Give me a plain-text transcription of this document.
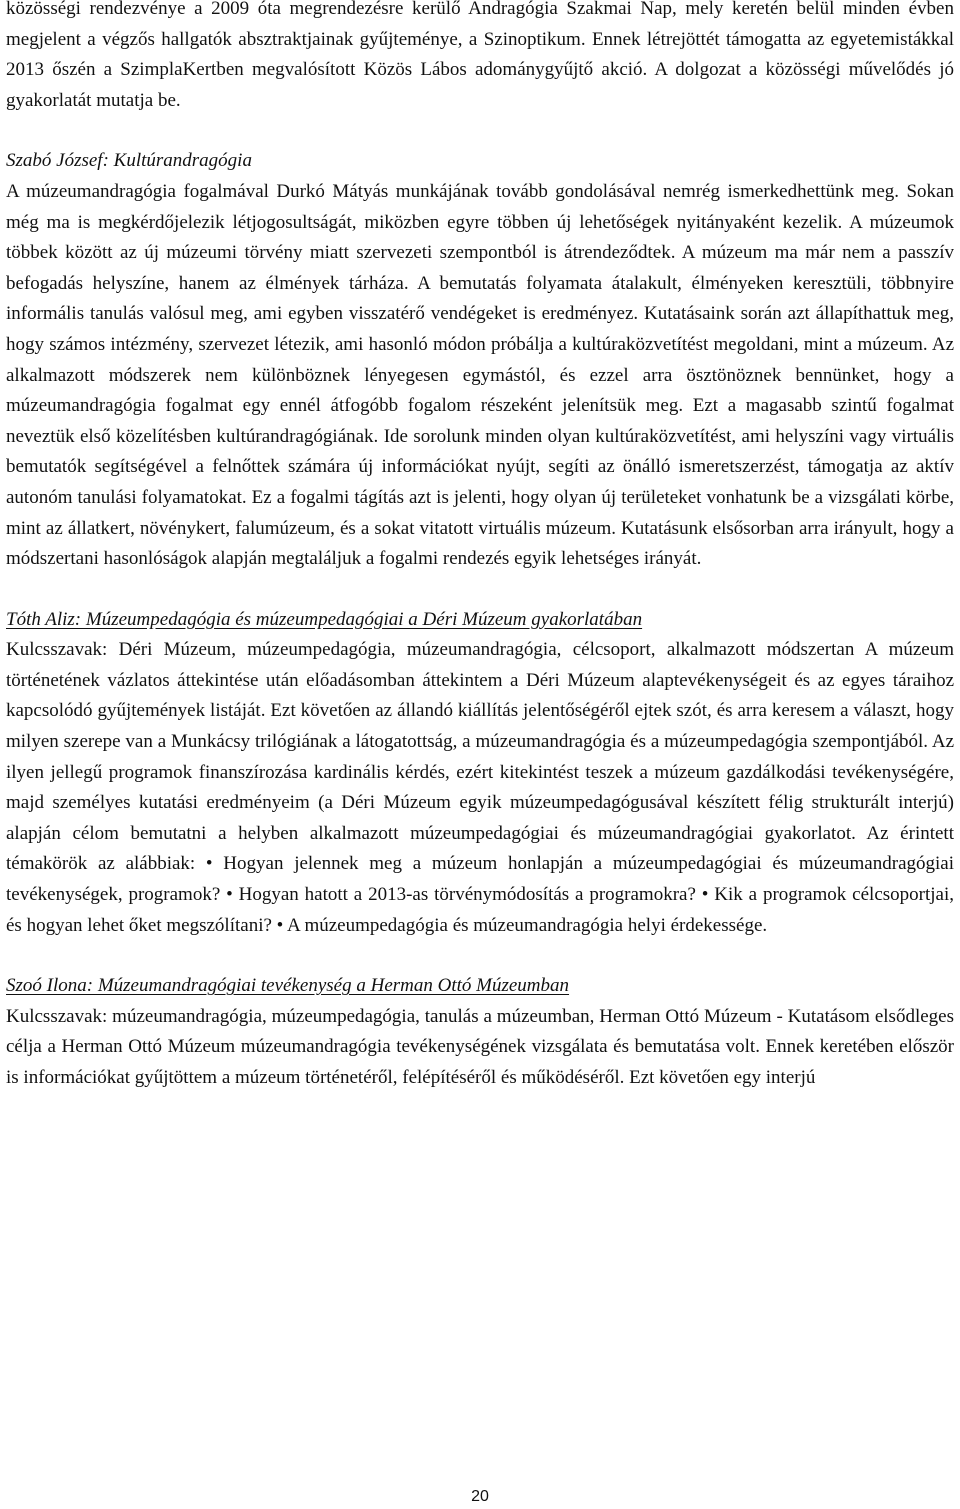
közösségi rendezvénye a 2009 óta megrendezésre kerülő Andragógia Szakmai Nap, mely keretén belül minden évben megjelent a végzős hallgatók absztraktjainak gyűjteménye, a Szinoptikum. Ennek létrejöttét támogatta az egyetemistákkal 2013 őszén a SzimplaKertben megvalósított Közös Lábos adománygyűjtő akció. A dolgozat a közösségi művelődés jó gyakorlatát mutatja be.

Szabó József: Kultúrandragógia

A múzeumandragógia fogalmával Durkó Mátyás munkájának tovább gondolásával nemrég ismerkedhettünk meg. Sokan még ma is megkérdőjelezik létjogosultságát, miközben egyre többen új lehetőségek nyitányaként kezelik. A múzeumok többek között az új múzeumi törvény miatt szervezeti szempontból is átrendeződtek. A múzeum ma már nem a passzív befogadás helyszíne, hanem az élmények tárháza. A bemutatás folyamata átalakult, élményeken keresztüli, többnyire informális tanulás valósul meg, ami egyben visszatérő vendégeket is eredményez. Kutatásaink során azt állapíthattuk meg, hogy számos intézmény, szervezet létezik, ami hasonló módon próbálja a kultúraközvetítést megoldani, mint a múzeum. Az alkalmazott módszerek nem különböznek lényegesen egymástól, és ezzel arra ösztönöznek bennünket, hogy a múzeumandragógia fogalmat egy ennél átfogóbb fogalom részeként jelenítsük meg. Ezt a magasabb szintű fogalmat neveztük első közelítésben kultúrandragógiának. Ide sorolunk minden olyan kultúraközvetítést, ami helyszíni vagy virtuális bemutatók segítségével a felnőttek számára új információkat nyújt, segíti az önálló ismeretszerzést, támogatja az aktív autonóm tanulási folyamatokat. Ez a fogalmi tágítás azt is jelenti, hogy olyan új területeket vonhatunk be a vizsgálati körbe, mint az állatkert, növénykert, falumúzeum, és a sokat vitatott virtuális múzeum. Kutatásunk elsősorban arra irányult, hogy a módszertani hasonlóságok alapján megtaláljuk a fogalmi rendezés egyik lehetséges irányát.

Tóth Aliz: Múzeumpedagógia és múzeumpedagógiai a Déri Múzeum gyakorlatában

Kulcsszavak: Déri Múzeum, múzeumpedagógia, múzeumandragógia, célcsoport, alkalmazott módszertan A múzeum történetének vázlatos áttekintése után előadásomban áttekintem a Déri Múzeum alaptevékenységeit és az egyes táraihoz kapcsolódó gyűjtemények listáját. Ezt követően az állandó kiállítás jelentőségéről ejtek szót, és arra keresem a választ, hogy milyen szerepe van a Munkácsy trilógiának a látogatottság, a múzeumandragógia és a múzeumpedagógia szempontjából. Az ilyen jellegű programok finanszírozása kardinális kérdés, ezért kitekintést teszek a múzeum gazdálkodási tevékenységére, majd személyes kutatási eredményeim (a Déri Múzeum egyik múzeumpedagógusával készített félig strukturált interjú) alapján célom bemutatni a helyben alkalmazott múzeumpedagógiai és múzeumandragógiai gyakorlatot. Az érintett témakörök az alábbiak: • Hogyan jelennek meg a múzeum honlapján a múzeumpedagógiai és múzeumandragógiai tevékenységek, programok? • Hogyan hatott a 2013-as törvénymódosítás a programokra? • Kik a programok célcsoportjai, és hogyan lehet őket megszólítani? • A múzeumpedagógia és múzeumandragógia helyi érdekessége.

Szoó Ilona: Múzeumandragógiai tevékenység a Herman Ottó Múzeumban

Kulcsszavak: múzeumandragógia, múzeumpedagógia, tanulás a múzeumban, Herman Ottó Múzeum - Kutatásom elsődleges célja a Herman Ottó Múzeum múzeumandragógia tevékenységének vizsgálata és bemutatása volt. Ennek keretében először is információkat gyűjtöttem a múzeum történetéről, felépítéséről és működéséről. Ezt követően egy interjú

20
